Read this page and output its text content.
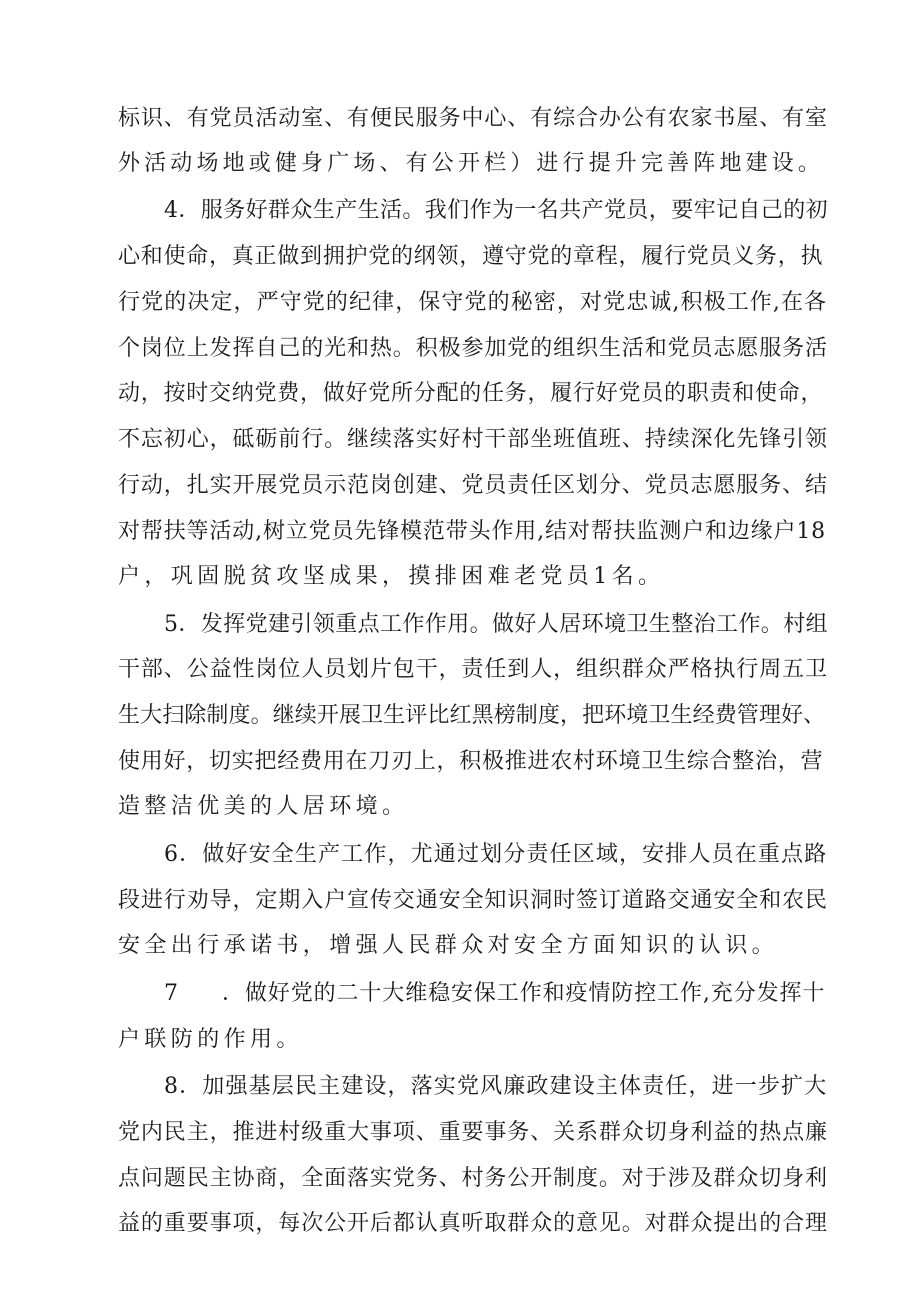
标识、有党员活动室、有便民服务中心、有综合办公有农家书屋、有室
外活动场地或健身广场、有公开栏）进行提升完善阵地建设。
4．服务好群众生产生活。我们作为一名共产党员，要牢记自己的初
心和使命，真正做到拥护党的纲领，遵守党的章程，履行党员义务，执
行党的决定，严守党的纪律，保守党的秘密，对党忠诚,积极工作,在各
个岗位上发挥自己的光和热。积极参加党的组织生活和党员志愿服务活
动，按时交纳党费，做好党所分配的任务，履行好党员的职责和使命，
不忘初心，砥砺前行。继续落实好村干部坐班值班、持续深化先锋引领
行动，扎实开展党员示范岗创建、党员责任区划分、党员志愿服务、结
对帮扶等活动,树立党员先锋模范带头作用,结对帮扶监测户和边缘户18
户，巩固脱贫攻坚成果，摸排困难老党员1名。
5．发挥党建引领重点工作作用。做好人居环境卫生整治工作。村组
干部、公益性岗位人员划片包干，责任到人，组织群众严格执行周五卫
生大扫除制度。继续开展卫生评比红黑榜制度，把环境卫生经费管理好、
使用好，切实把经费用在刀刃上，积极推进农村环境卫生综合整治，营
造整洁优美的人居环境。
6．做好安全生产工作，尤通过划分责任区域，安排人员在重点路
段进行劝导，定期入户宣传交通安全知识洞时签订道路交通安全和农民
安全出行承诺书，增强人民群众对安全方面知识的认识。
7 ．做好党的二十大维稳安保工作和疫情防控工作,充分发挥十
户联防的作用。
8．加强基层民主建设，落实党风廉政建设主体责任，进一步扩大
党内民主，推进村级重大事项、重要事务、关系群众切身利益的热点廉
点问题民主协商，全面落实党务、村务公开制度。对于涉及群众切身利
益的重要事项，每次公开后都认真听取群众的意见。对群众提出的合理
